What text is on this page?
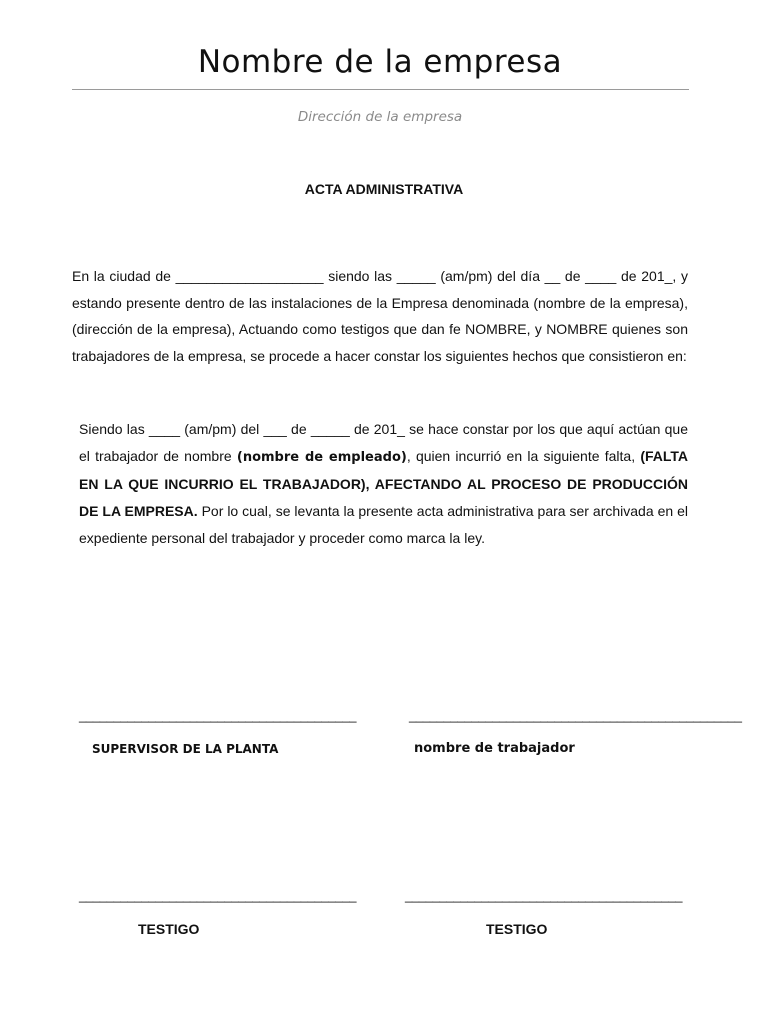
Nombre de la empresa
Dirección de la empresa
ACTA ADMINISTRATIVA
En la ciudad de ___________________ siendo las _____ (am/pm) del día __ de ____ de 201_, y estando presente dentro de las instalaciones de la Empresa denominada (nombre de la empresa), (dirección de la empresa), Actuando como testigos que dan fe NOMBRE, y NOMBRE quienes son trabajadores de la empresa, se procede a hacer constar los siguientes hechos que consistieron en:
Siendo las ____ (am/pm) del ___ de _____ de 201_ se hace constar por los que aquí actúan que el trabajador de nombre (nombre de empleado), quien incurrió en la siguiente falta, (FALTA EN LA QUE INCURRIO EL TRABAJADOR), AFECTANDO AL PROCESO DE PRODUCCIÓN DE LA EMPRESA. Por lo cual, se levanta la presente acta administrativa para ser archivada en el expediente personal del trabajador y proceder como marca la ley.
________________________________________
SUPERVISOR DE LA PLANTA
________________________________________________
nombre de trabajador
________________________________________
TESTIGO
________________________________________
TESTIGO
